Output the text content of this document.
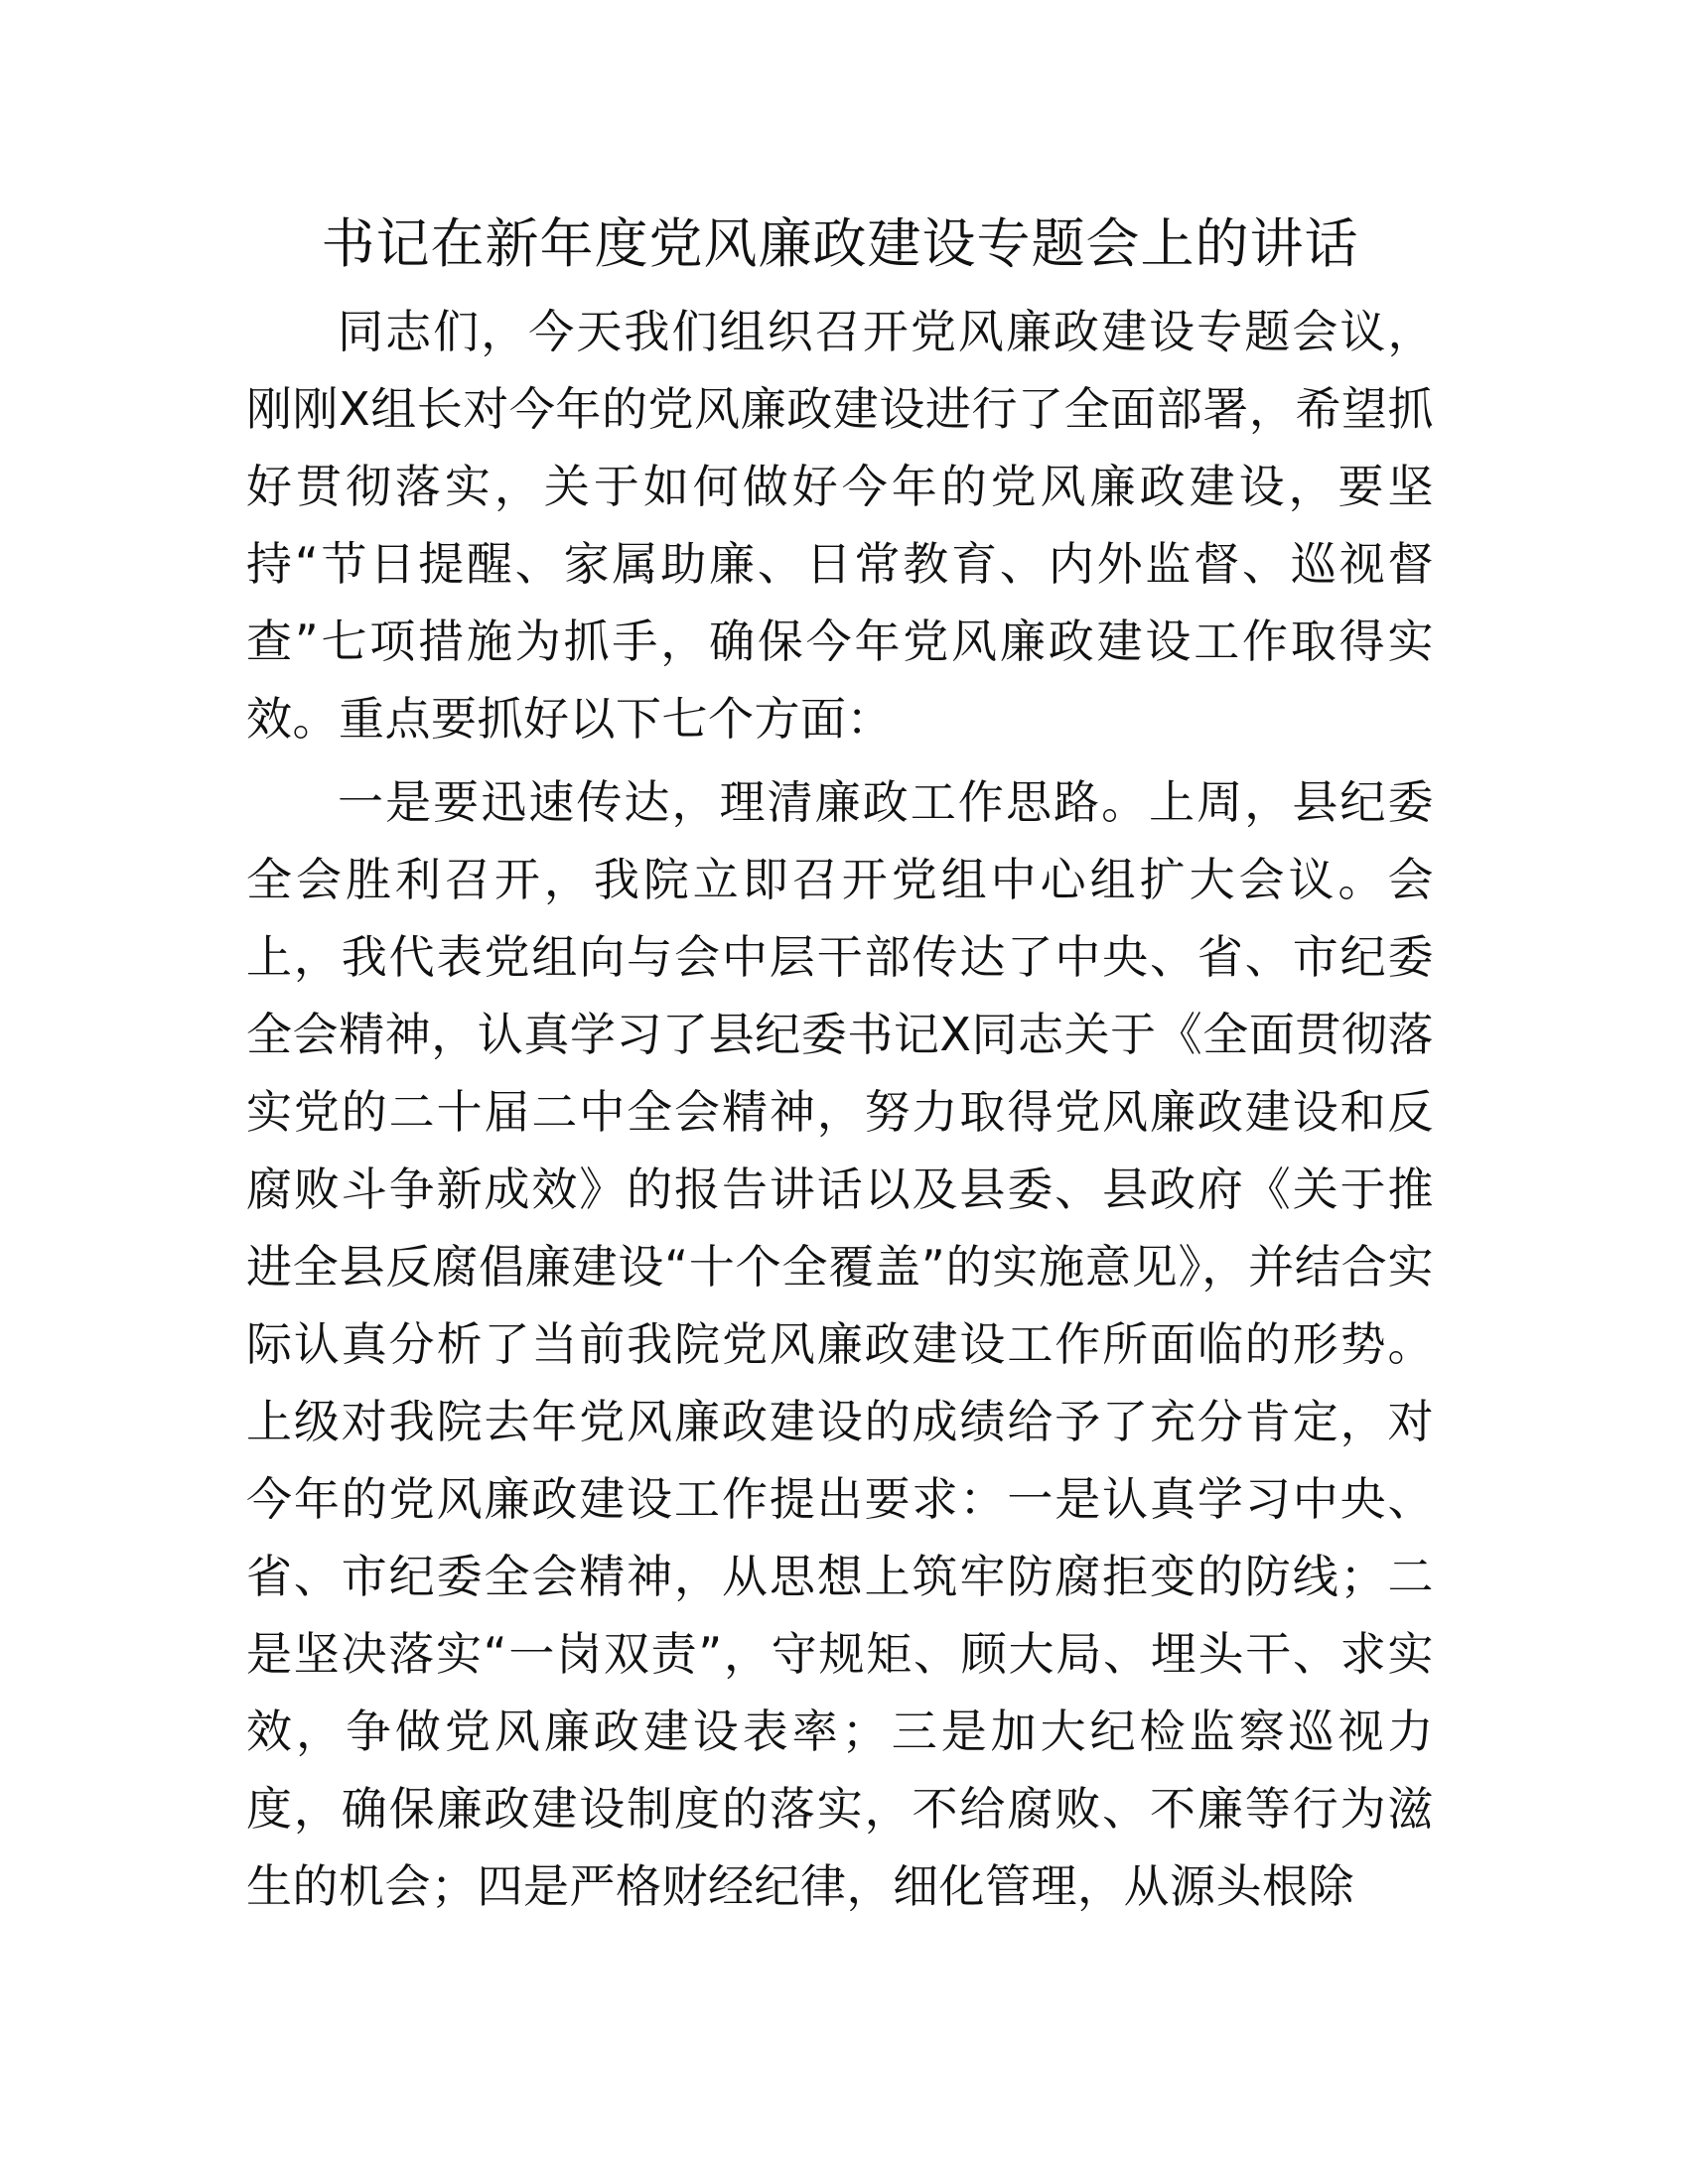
书记在新年度党风廉政建设专题会上的讲话

同志们，今天我们组织召开党风廉政建设专题会议，刚刚X组长对今年的党风廉政建设进行了全面部署，希望抓好贯彻落实，关于如何做好今年的党风廉政建设，要坚持“节日提醒、家属助廉、日常教育、内外监督、巡视督查”七项措施为抓手，确保今年党风廉政建设工作取得实效。重点要抓好以下七个方面：

一是要迅速传达，理清廉政工作思路。上周，县纪委全会胜利召开，我院立即召开党组中心组扩大会议。会上，我代表党组向与会中层干部传达了中央、省、市纪委全会精神，认真学习了县纪委书记X同志关于《全面贯彻落实党的二十届二中全会精神，努力取得党风廉政建设和反腐败斗争新成效》的报告讲话以及县委、县政府《关于推进全县反腐倡廉建设“十个全覆盖”的实施意见》，并结合实际认真分析了当前我院党风廉政建设工作所面临的形势。上级对我院去年党风廉政建设的成绩给予了充分肯定，对今年的党风廉政建设工作提出要求：一是认真学习中央、省、市纪委全会精神，从思想上筑牢防腐拒变的防线；二是坚决落实“一岗双责”，守规矩、顾大局、埋头干、求实效，争做党风廉政建设表率；三是加大纪检监察巡视力度，确保廉政建设制度的落实，不给腐败、不廉等行为滋生的机会；四是严格财经纪律，细化管理，从源头根除
